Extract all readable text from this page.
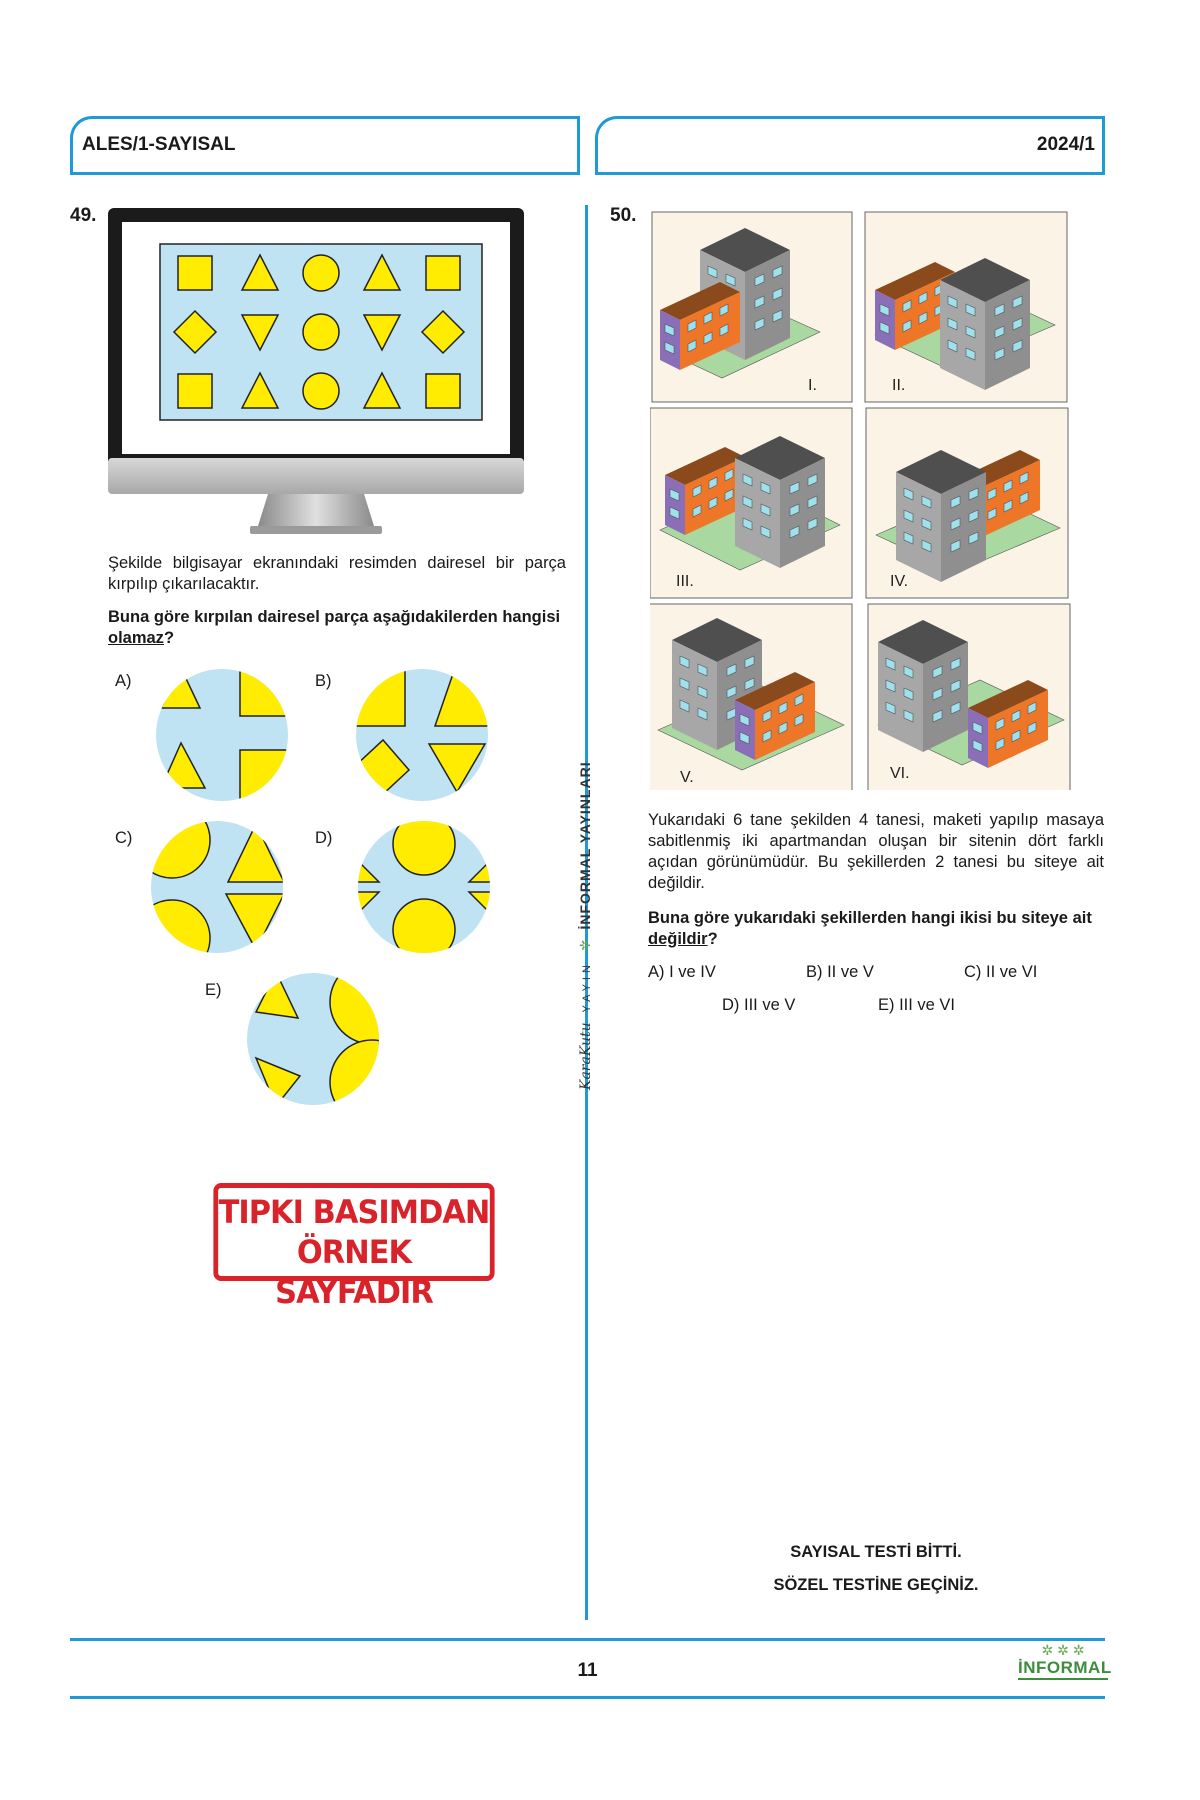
ALES/1-SAYISAL	2024/1
49.
Şekilde bilgisayar ekranındaki resimden dairesel bir parça kırpılıp çıkarılacaktır.
Buna göre kırpılan dairesel parça aşağıdakilerden hangisi olamaz?
A)	B)
C)	D)
E)
TIPKI BASIMDAN
ÖRNEK SAYFADIR
KaraKutu YAYIN ✲ İNFORMAL YAYINLARI
50.
I.	II.
III.	IV.
V.	VI.
Yukarıdaki 6 tane şekilden 4 tanesi, maketi yapılıp masaya sabitlenmiş iki apartmandan oluşan bir sitenin dört farklı açıdan görünümüdür. Bu şekillerden 2 tanesi bu siteye ait değildir.
Buna göre yukarıdaki şekillerden hangi ikisi bu siteye ait değildir?
A) I ve IV	B) II ve V	C) II ve VI
D) III ve V	E) III ve VI
SAYISAL TESTİ BİTTİ.
SÖZEL TESTİNE GEÇİNİZ.
11
✲ ✲ ✲
İNFORMAL
